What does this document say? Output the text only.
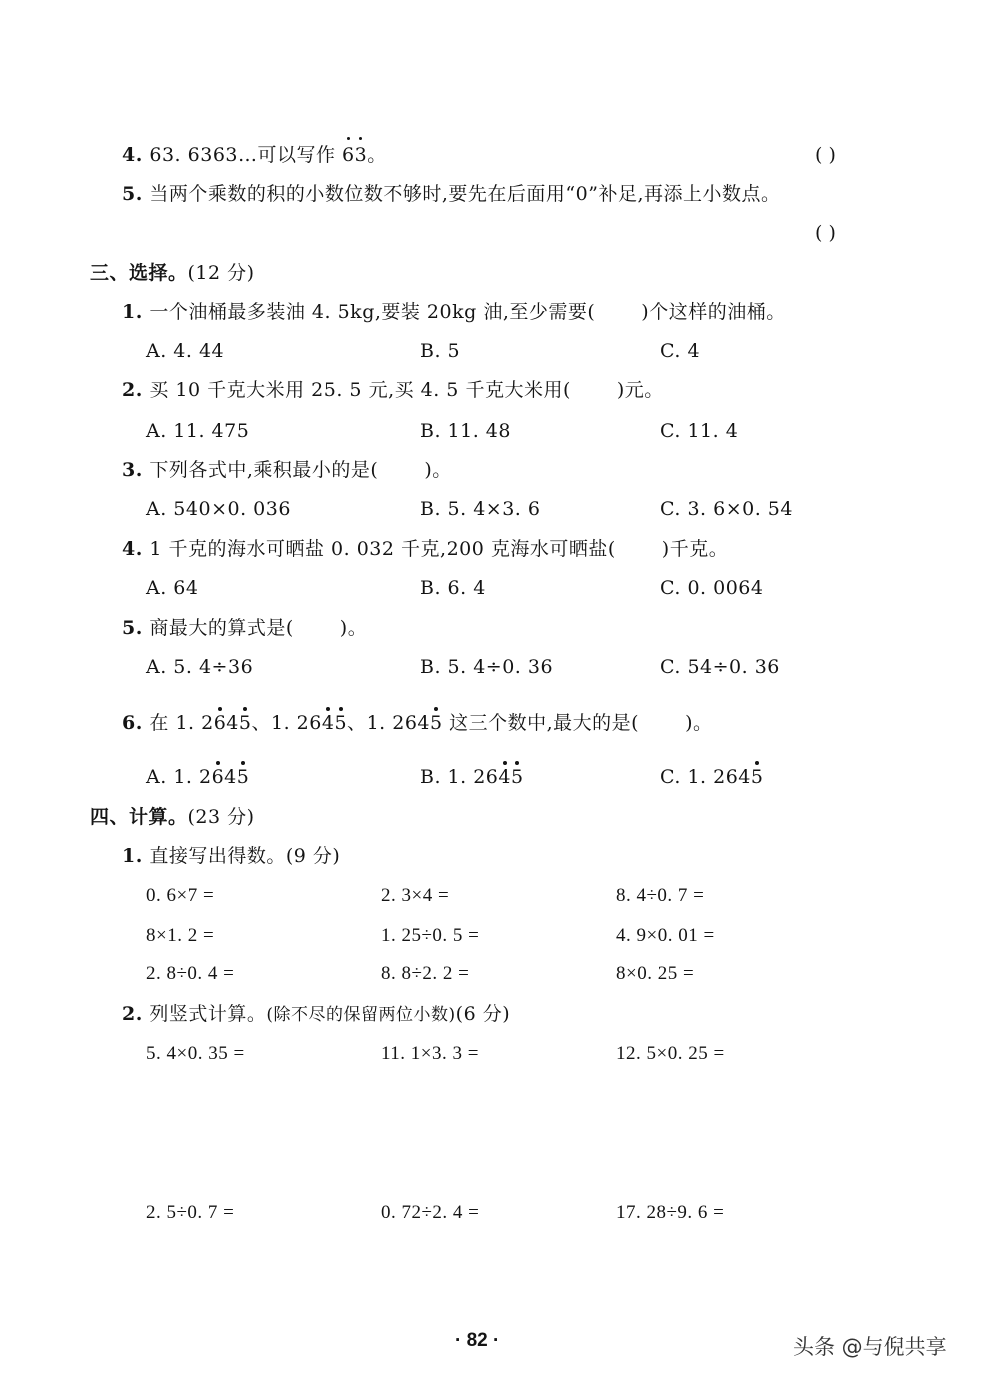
4. 63. 6363…可以写作 63。	( )
5. 当两个乘数的积的小数位数不够时,要先在后面用“0”补足,再添上小数点。
( )
三、选择。(12 分)
1. 一个油桶最多装油 4. 5kg,要装 20kg 油,至少需要( )个这样的油桶。
A. 4. 44	B. 5	C. 4
2. 买 10 千克大米用 25. 5 元,买 4. 5 千克大米用( )元。
A. 11. 475	B. 11. 48	C. 11. 4
3. 下列各式中,乘积最小的是( )。
A. 540×0. 036	B. 5. 4×3. 6	C. 3. 6×0. 54
4. 1 千克的海水可晒盐 0. 032 千克,200 克海水可晒盐( )千克。
A. 64	B. 6. 4	C. 0. 0064
5. 商最大的算式是( )。
A. 5. 4÷36	B. 5. 4÷0. 36	C. 54÷0. 36
6. 在 1. 2645、1. 2645、1. 2645 这三个数中,最大的是( )。
A. 1. 2645	B. 1. 2645	C. 1. 2645
四、计算。(23 分)
1. 直接写出得数。(9 分)
0. 6×7 =	2. 3×4 =	8. 4÷0. 7 =
8×1. 2 =	1. 25÷0. 5 =	4. 9×0. 01 =
2. 8÷0. 4 =	8. 8÷2. 2 =	8×0. 25 =
2. 列竖式计算。(除不尽的保留两位小数)(6 分)
5. 4×0. 35 =	11. 1×3. 3 =	12. 5×0. 25 =
2. 5÷0. 7 =	0. 72÷2. 4 =	17. 28÷9. 6 =
· 82 ·	头条 @与倪共享
